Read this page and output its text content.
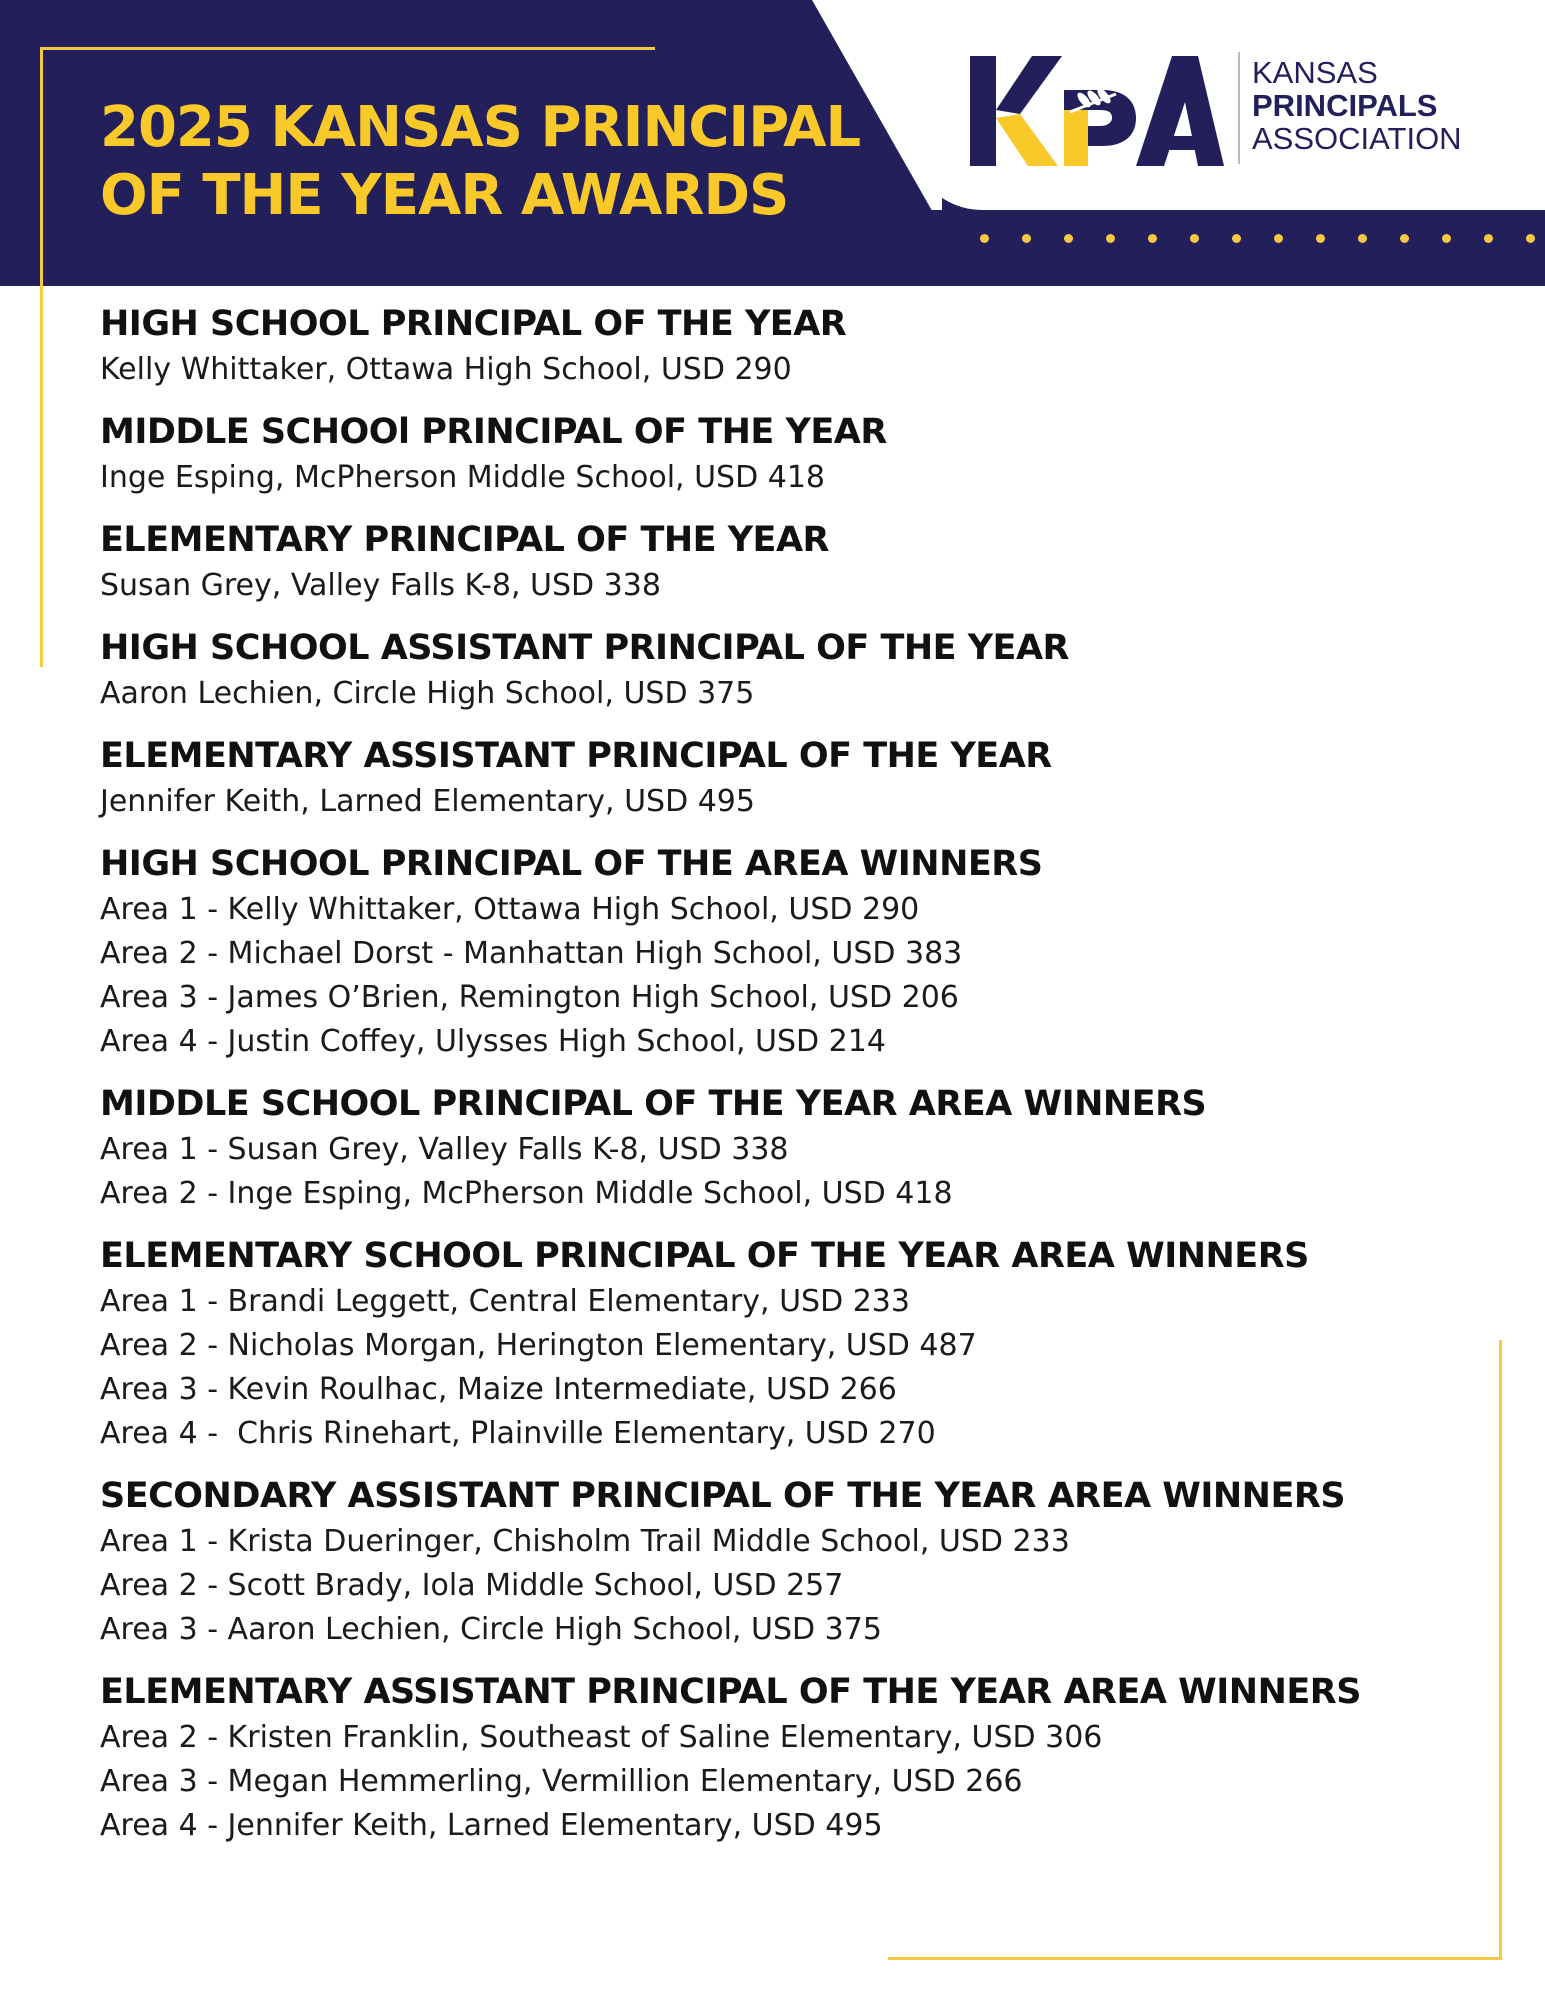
2025 KANSAS PRINCIPAL
OF THE YEAR AWARDS
KANSAS
PRINCIPALS
ASSOCIATION
HIGH SCHOOL PRINCIPAL OF THE YEAR

Kelly Whittaker, Ottawa High School, USD 290

MIDDLE SCHOOl PRINCIPAL OF THE YEAR

Inge Esping, McPherson Middle School, USD 418

ELEMENTARY PRINCIPAL OF THE YEAR

Susan Grey, Valley Falls K-8, USD 338

HIGH SCHOOL ASSISTANT PRINCIPAL OF THE YEAR

Aaron Lechien, Circle High School, USD 375

ELEMENTARY ASSISTANT PRINCIPAL OF THE YEAR

Jennifer Keith, Larned Elementary, USD 495

HIGH SCHOOL PRINCIPAL OF THE AREA WINNERS

Area 1 - Kelly Whittaker, Ottawa High School, USD 290

Area 2 - Michael Dorst - Manhattan High School, USD 383

Area 3 - James O’Brien, Remington High School, USD 206

Area 4 - Justin Coffey, Ulysses High School, USD 214

MIDDLE SCHOOL PRINCIPAL OF THE YEAR AREA WINNERS

Area 1 - Susan Grey, Valley Falls K-8, USD 338

Area 2 - Inge Esping, McPherson Middle School, USD 418

ELEMENTARY SCHOOL PRINCIPAL OF THE YEAR AREA WINNERS

Area 1 - Brandi Leggett, Central Elementary, USD 233

Area 2 - Nicholas Morgan, Herington Elementary, USD 487

Area 3 - Kevin Roulhac, Maize Intermediate, USD 266

Area 4 -  Chris Rinehart, Plainville Elementary, USD 270

SECONDARY ASSISTANT PRINCIPAL OF THE YEAR AREA WINNERS

Area 1 - Krista Dueringer, Chisholm Trail Middle School, USD 233

Area 2 - Scott Brady, Iola Middle School, USD 257

Area 3 - Aaron Lechien, Circle High School, USD 375

ELEMENTARY ASSISTANT PRINCIPAL OF THE YEAR AREA WINNERS

Area 2 - Kristen Franklin, Southeast of Saline Elementary, USD 306

Area 3 - Megan Hemmerling, Vermillion Elementary, USD 266

Area 4 - Jennifer Keith, Larned Elementary, USD 495
